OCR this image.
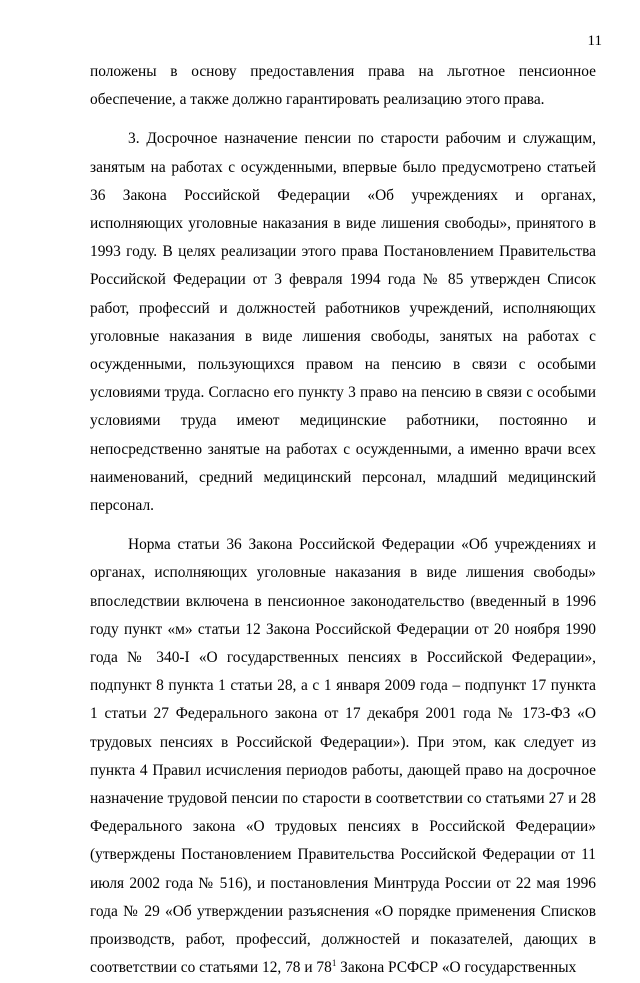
11

положены в основу предоставления права на льготное пенсионное обеспечение, а также должно гарантировать реализацию этого права.

3. Досрочное назначение пенсии по старости рабочим и служащим, занятым на работах с осужденными, впервые было предусмотрено статьей 36 Закона Российской Федерации «Об учреждениях и органах, исполняющих уголовные наказания в виде лишения свободы», принятого в 1993 году. В целях реализации этого права Постановлением Правительства Российской Федерации от 3 февраля 1994 года № 85 утвержден Список работ, профессий и должностей работников учреждений, исполняющих уголовные наказания в виде лишения свободы, занятых на работах с осужденными, пользующихся правом на пенсию в связи с особыми условиями труда. Согласно его пункту 3 право на пенсию в связи с особыми условиями труда имеют медицинские работники, постоянно и непосредственно занятые на работах с осужденными, а именно врачи всех наименований, средний медицинский персонал, младший медицинский персонал.

Норма статьи 36 Закона Российской Федерации «Об учреждениях и органах, исполняющих уголовные наказания в виде лишения свободы» впоследствии включена в пенсионное законодательство (введенный в 1996 году пункт «м» статьи 12 Закона Российской Федерации от 20 ноября 1990 года № 340-I «О государственных пенсиях в Российской Федерации», подпункт 8 пункта 1 статьи 28, а с 1 января 2009 года – подпункт 17 пункта 1 статьи 27 Федерального закона от 17 декабря 2001 года № 173-ФЗ «О трудовых пенсиях в Российской Федерации»). При этом, как следует из пункта 4 Правил исчисления периодов работы, дающей право на досрочное назначение трудовой пенсии по старости в соответствии со статьями 27 и 28 Федерального закона «О трудовых пенсиях в Российской Федерации» (утверждены Постановлением Правительства Российской Федерации от 11 июля 2002 года № 516), и постановления Минтруда России от 22 мая 1996 года № 29 «Об утверждении разъяснения «О порядке применения Списков производств, работ, профессий, должностей и показателей, дающих в соответствии со статьями 12, 78 и $78^1$ Закона РСФСР «О государственных
